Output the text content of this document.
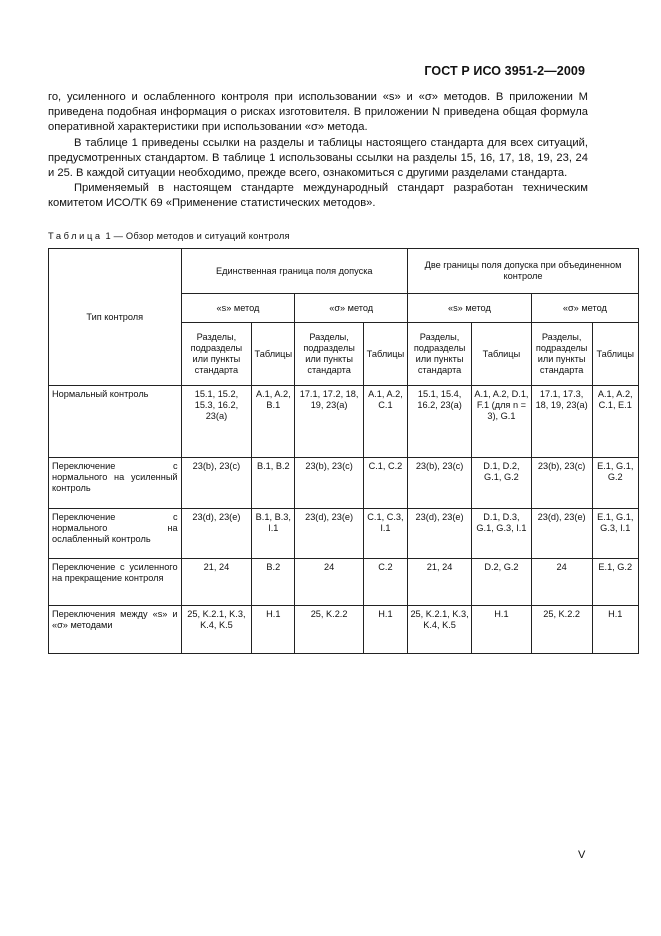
ГОСТ Р ИСО 3951-2—2009

го, усиленного и ослабленного контроля при использовании «s» и «σ» методов. В приложении М приведена подобная информация о рисках изготовителя. В приложении N приведена общая формула оперативной характеристики при использовании «σ» метода.

В таблице 1 приведены ссылки на разделы и таблицы настоящего стандарта для всех ситуаций, предусмотренных стандартом. В таблице 1 использованы ссылки на разделы 15, 16, 17, 18, 19, 23, 24 и 25. В каждой ситуации необходимо, прежде всего, ознакомиться с другими разделами стандарта.

Применяемый в настоящем стандарте международный стандарт разработан техническим комитетом ИСО/ТК 69 «Применение статистических методов».

Таблица 1 — Обзор методов и ситуаций контроля
Тип контроля	Единственная граница поля допуска				Две границы поля допуска при объединенном контроле			
	«s» метод		«σ» метод		«s» метод		«σ» метод	
	Разделы, подразделы или пункты стандарта	Таблицы	Разделы, подразделы или пункты стандарта	Таблицы	Разделы, подразделы или пункты стандарта	Таблицы	Разделы, подразделы или пункты стандарта	Таблицы
Нормальный контроль	15.1, 15.2, 15.3, 16.2, 23(a)	A.1, A.2, B.1	17.1, 17.2, 18, 19, 23(a)	A.1, A.2, C.1	15.1, 15.4, 16.2, 23(a)	A.1, A.2, D.1, F.1 (для n = 3), G.1	17.1, 17.3, 18, 19, 23(a)	A.1, A.2, C.1, E.1
Переключение с нормального на усиленный контроль	23(b), 23(c)	B.1, B.2	23(b), 23(c)	C.1, C.2	23(b), 23(c)	D.1, D.2, G.1, G.2	23(b), 23(c)	E.1, G.1, G.2
Переключение с нормального на ослабленный контроль	23(d), 23(e)	B.1, B.3, I.1	23(d), 23(e)	C.1, C.3, I.1	23(d), 23(e)	D.1, D.3, G.1, G.3, I.1	23(d), 23(e)	E.1, G.1, G.3, I.1
Переключение с усиленного на прекращение контроля	21, 24	B.2	24	C.2	21, 24	D.2, G.2	24	E.1, G.2
Переключения между «s» и «σ» методами	25, K.2.1, K.3, K.4, K.5	H.1	25, K.2.2	H.1	25, K.2.1, K.3, K.4, K.5	H.1	25, K.2.2	H.1
V
